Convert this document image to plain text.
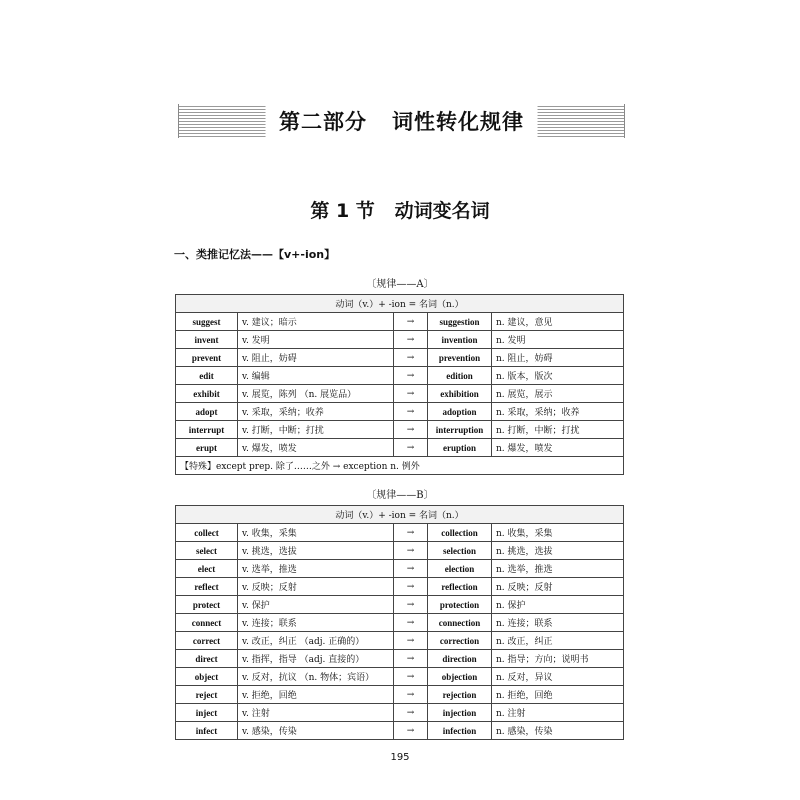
第二部分   词性转化规律
第 1 节   动词变名词
一、类推记忆法——【v+-ion】
〔规律——A〕
动词（v.）+ -ion = 名词（n.）				
suggest	v. 建议；暗示	→	suggestion	n. 建议，意见
invent	v. 发明	→	invention	n. 发明
prevent	v. 阻止，妨碍	→	prevention	n. 阻止，妨碍
edit	v. 编辑	→	edition	n. 版本，版次
exhibit	v. 展览，陈列 （n. 展览品）	→	exhibition	n. 展览，展示
adopt	v. 采取，采纳；收养	→	adoption	n. 采取，采纳；收养
interrupt	v. 打断，中断；打扰	→	interruption	n. 打断，中断；打扰
erupt	v. 爆发，喷发	→	eruption	n. 爆发，喷发
【特殊】except prep. 除了……之外 → exception n. 例外				
〔规律——B〕
动词（v.）+ -ion = 名词（n.）				
collect	v. 收集，采集	→	collection	n. 收集，采集
select	v. 挑选，选拔	→	selection	n. 挑选，选拔
elect	v. 选举，推选	→	election	n. 选举，推选
reflect	v. 反映；反射	→	reflection	n. 反映；反射
protect	v. 保护	→	protection	n. 保护
connect	v. 连接；联系	→	connection	n. 连接；联系
correct	v. 改正，纠正 （adj. 正确的）	→	correction	n. 改正，纠正
direct	v. 指挥，指导 （adj. 直接的）	→	direction	n. 指导；方向；说明书
object	v. 反对，抗议 （n. 物体；宾语）	→	objection	n. 反对，异议
reject	v. 拒绝，回绝	→	rejection	n. 拒绝，回绝
inject	v. 注射	→	injection	n. 注射
infect	v. 感染，传染	→	infection	n. 感染，传染
195
